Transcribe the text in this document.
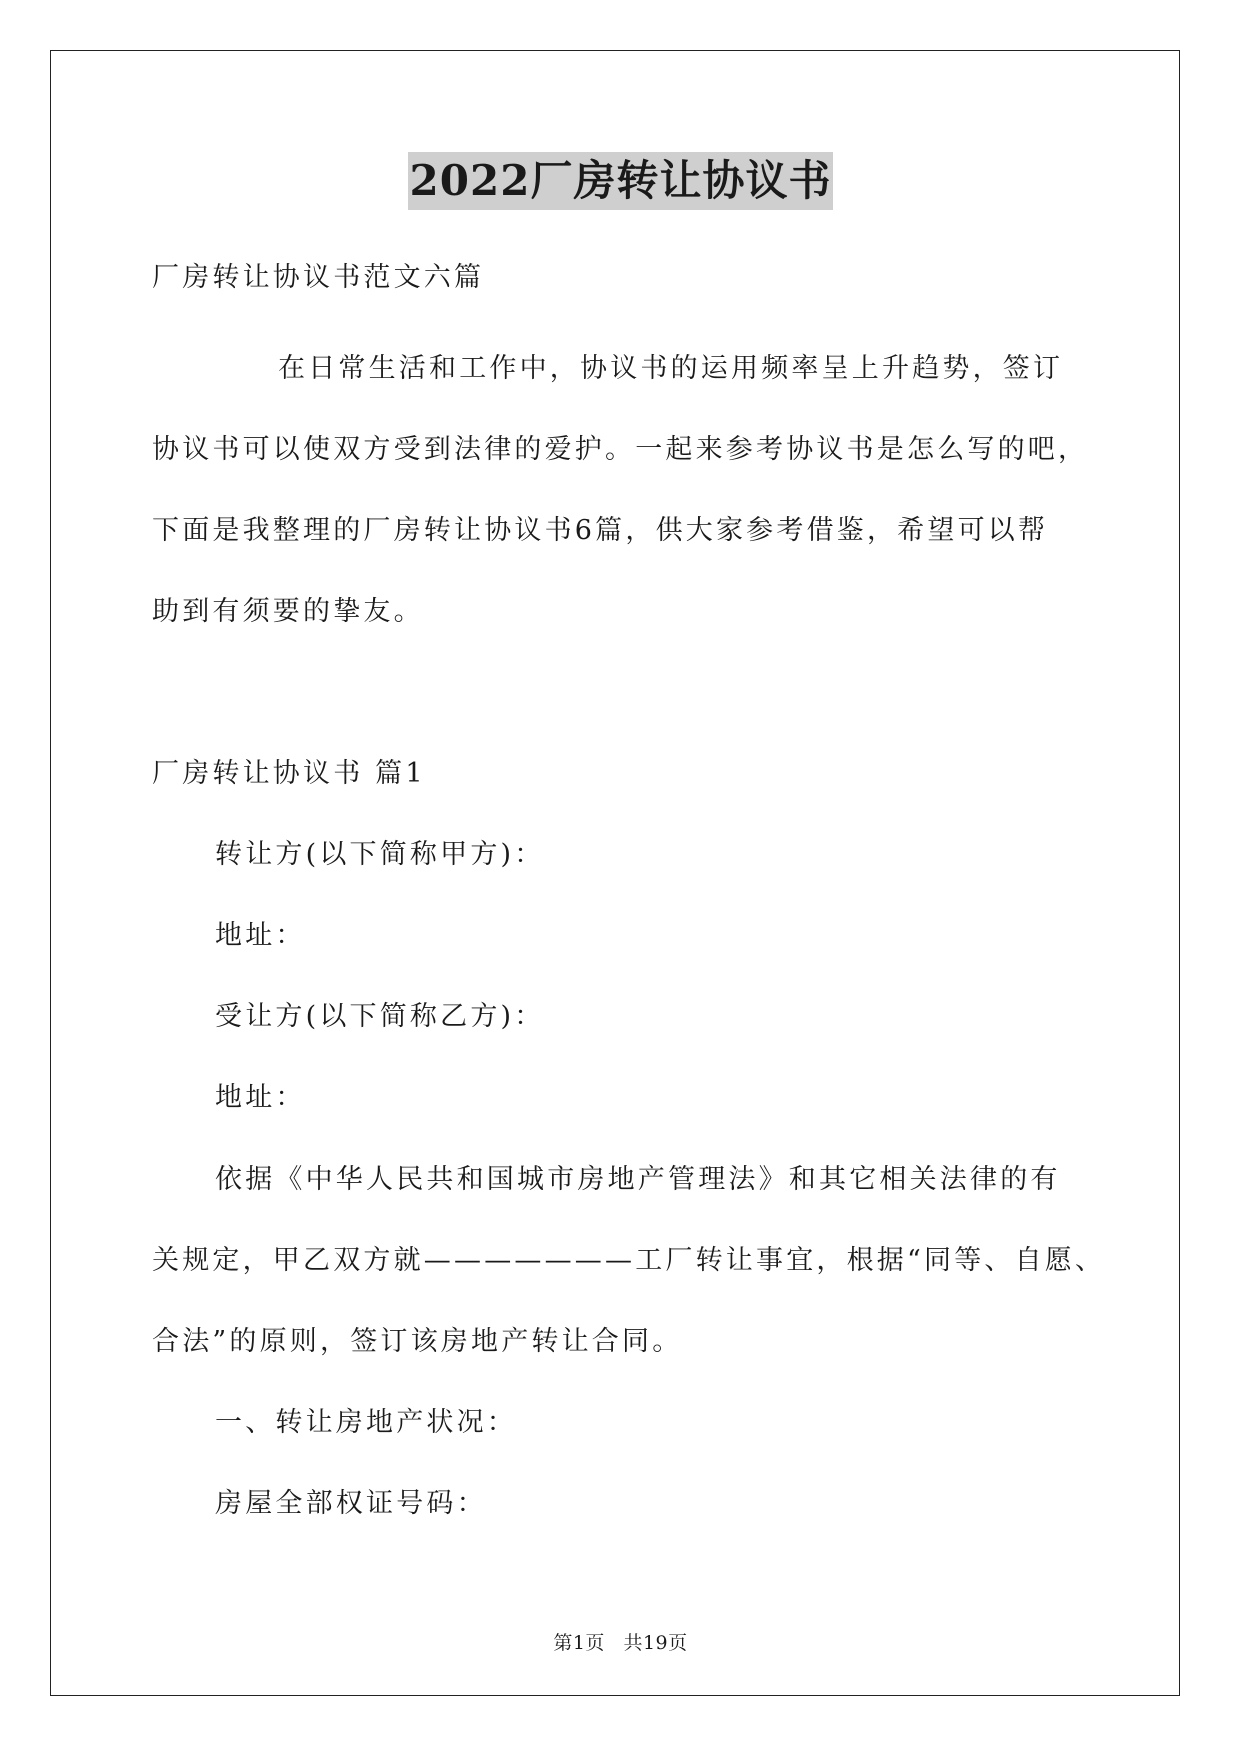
2022厂房转让协议书
厂房转让协议书范文六篇
在日常生活和工作中，协议书的运用频率呈上升趋势，签订
协议书可以使双方受到法律的爱护。一起来参考协议书是怎么写的吧，
下面是我整理的厂房转让协议书6篇，供大家参考借鉴，希望可以帮
助到有须要的挚友。
厂房转让协议书 篇1
转让方(以下简称甲方)：
地址：
受让方(以下简称乙方)：
地址：
依据《中华人民共和国城市房地产管理法》和其它相关法律的有
关规定，甲乙双方就———————工厂转让事宜，根据“同等、自愿、
合法”的原则，签订该房地产转让合同。
一、转让房地产状况：
房屋全部权证号码：
第1页 共19页
